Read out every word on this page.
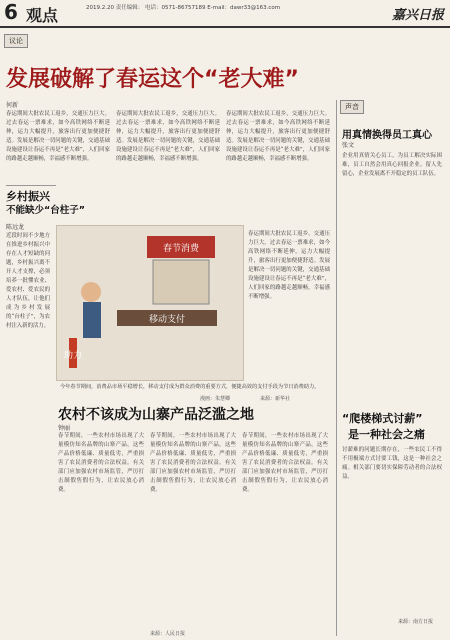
6 观点	2019.2.20 责任编辑： 电话：0571-86757189 E-mail：dawr33@163.com	嘉兴日报
议论
发展破解了春运这个“老大难”
何新
春运期间大批农民工返乡，交通压力巨大。过去春运一票难求，如今高铁网络不断延伸，运力大幅提升，旅客出行更加便捷舒适。发展是解决一切问题的关键，交通基础设施建设让春运不再是“老大难”，人们回家的路越走越顺畅，幸福感不断增强。
春运期间大批农民工返乡，交通压力巨大。过去春运一票难求，如今高铁网络不断延伸，运力大幅提升，旅客出行更加便捷舒适。发展是解决一切问题的关键，交通基础设施建设让春运不再是“老大难”，人们回家的路越走越顺畅，幸福感不断增强。
春运期间大批农民工返乡，交通压力巨大。过去春运一票难求，如今高铁网络不断延伸，运力大幅提升，旅客出行更加便捷舒适。发展是解决一切问题的关键，交通基础设施建设让春运不再是“老大难”，人们回家的路越走越顺畅，幸福感不断增强。
乡村振兴
不能缺少“台柱子”
陈远龙
近段时间不少地方在推进乡村振兴中存在人才短缺的问题，乡村振兴离不开人才支撑，必须培养一批懂农业、爱农村、爱农民的人才队伍，让他们成为乡村发展的“台柱子”，为农村注入新的活力。
春节消费
移动支付
助力
今年春节期间，消费品市场平稳增长，移动支付成为群众消费的重要方式，便捷高效的支付手段为节日消费助力。
漫画：朱慧卿	来源：新华社
春运期间大批农民工返乡，交通压力巨大。过去春运一票难求，如今高铁网络不断延伸，运力大幅提升，旅客出行更加便捷舒适。发展是解决一切问题的关键，交通基础设施建设让春运不再是“老大难”，人们回家的路越走越顺畅，幸福感不断增强。
农村不该成为山寨产品泛滥之地
钟丽
春节期间，一些农村市场出现了大量模仿知名品牌的山寨产品，这些产品价格低廉、质量低劣，严重损害了农民消费者的合法权益。有关部门应加强农村市场监管，严厉打击制假售假行为，让农民放心消费。
春节期间，一些农村市场出现了大量模仿知名品牌的山寨产品，这些产品价格低廉、质量低劣，严重损害了农民消费者的合法权益。有关部门应加强农村市场监管，严厉打击制假售假行为，让农民放心消费。
春节期间，一些农村市场出现了大量模仿知名品牌的山寨产品，这些产品价格低廉、质量低劣，严重损害了农民消费者的合法权益。有关部门应加强农村市场监管，严厉打击制假售假行为，让农民放心消费。
来源：人民日报
声音
用真情换得员工真心
张文
企业用真情关心员工，为员工解决实际困难，员工自然会用真心回报企业。留人先留心，企业发展离不开稳定的员工队伍。
“爬楼梯式讨薪”
是一种社会之痛
讨薪难的问题长期存在，一些农民工不得不用极端方式讨要工钱，这是一种社会之痛。相关部门要切实保障劳动者的合法权益。
来源：南方日报
